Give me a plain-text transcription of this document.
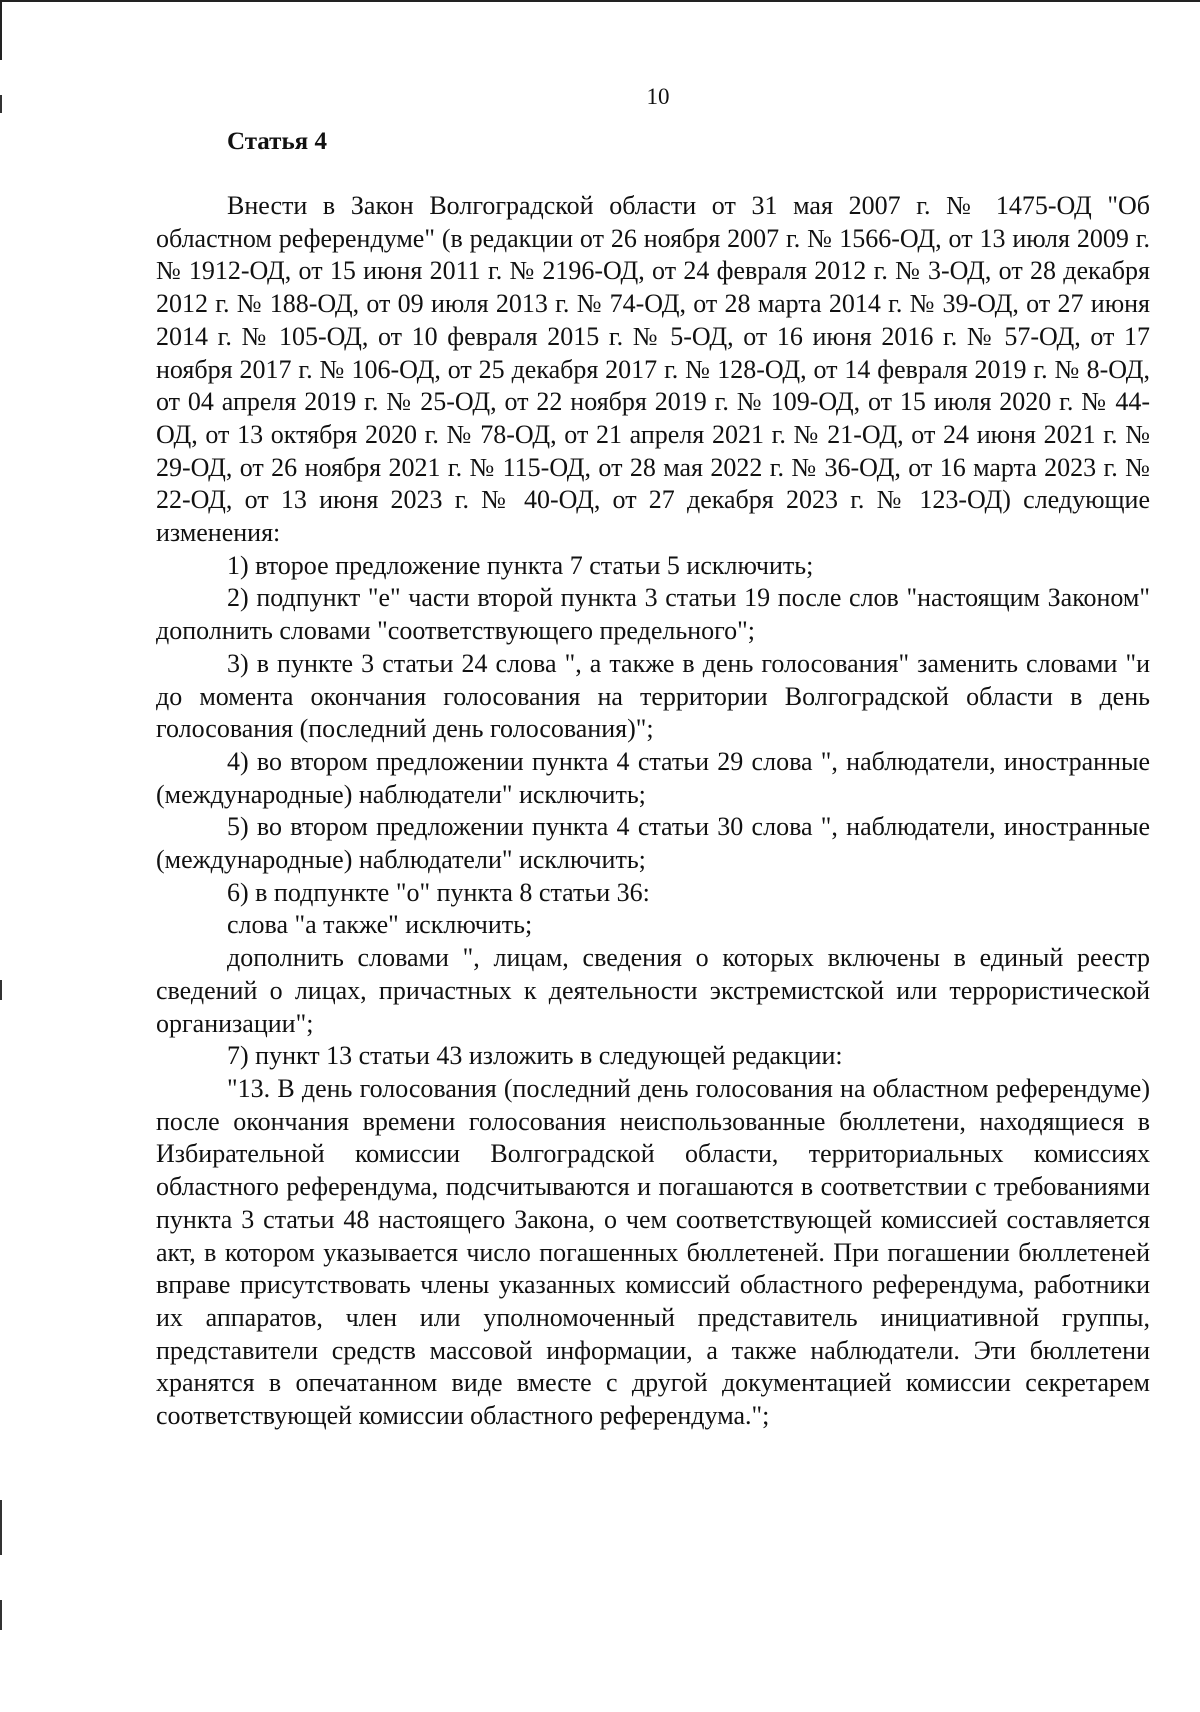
10
Статья 4

Внести в Закон Волгоградской области от 31 мая 2007 г. № 1475-ОД "Об областном референдуме" (в редакции от 26 ноября 2007 г. № 1566-ОД, от 13 июля 2009 г. № 1912-ОД, от 15 июня 2011 г. № 2196-ОД, от 24 февраля 2012 г. № 3-ОД, от 28 декабря 2012 г. № 188-ОД, от 09 июля 2013 г. № 74-ОД, от 28 марта 2014 г. № 39-ОД, от 27 июня 2014 г. № 105-ОД, от 10 февраля 2015 г. № 5-ОД, от 16 июня 2016 г. № 57-ОД, от 17 ноября 2017 г. № 106-ОД, от 25 декабря 2017 г. № 128-ОД, от 14 февраля 2019 г. № 8-ОД, от 04 апреля 2019 г. № 25-ОД, от 22 ноября 2019 г. № 109-ОД, от 15 июля 2020 г. № 44-ОД, от 13 октября 2020 г. № 78-ОД, от 21 апреля 2021 г. № 21-ОД, от 24 июня 2021 г. № 29-ОД, от 26 ноября 2021 г. № 115-ОД, от 28 мая 2022 г. № 36-ОД, от 16 марта 2023 г. № 22-ОД, от 13 июня 2023 г. № 40-ОД, от 27 декабря 2023 г. № 123-ОД) следующие изменения:

1) второе предложение пункта 7 статьи 5 исключить;

2) подпункт "е" части второй пункта 3 статьи 19 после слов "настоящим Законом" дополнить словами "соответствующего предельного";

3) в пункте 3 статьи 24 слова ", а также в день голосования" заменить словами "и до момента окончания голосования на территории Волгоградской области в день голосования (последний день голосования)";

4) во втором предложении пункта 4 статьи 29 слова ", наблюдатели, иностранные (международные) наблюдатели" исключить;

5) во втором предложении пункта 4 статьи 30 слова ", наблюдатели, иностранные (международные) наблюдатели" исключить;

6) в подпункте "о" пункта 8 статьи 36:

слова "а также" исключить;

дополнить словами ", лицам, сведения о которых включены в единый реестр сведений о лицах, причастных к деятельности экстремистской или террористической организации";

7) пункт 13 статьи 43 изложить в следующей редакции:

"13. В день голосования (последний день голосования на областном референдуме) после окончания времени голосования неиспользованные бюллетени, находящиеся в Избирательной комиссии Волгоградской области, территориальных комиссиях областного референдума, подсчитываются и погашаются в соответствии с требованиями пункта 3 статьи 48 настоящего Закона, о чем соответствующей комиссией составляется акт, в котором указывается число погашенных бюллетеней. При погашении бюллетеней вправе присутствовать члены указанных комиссий областного референдума, работники их аппаратов, член или уполномоченный представитель инициативной группы, представители средств массовой информации, а также наблюдатели. Эти бюллетени хранятся в опечатанном виде вместе с другой документацией комиссии секретарем соответствующей комиссии областного референдума.";
